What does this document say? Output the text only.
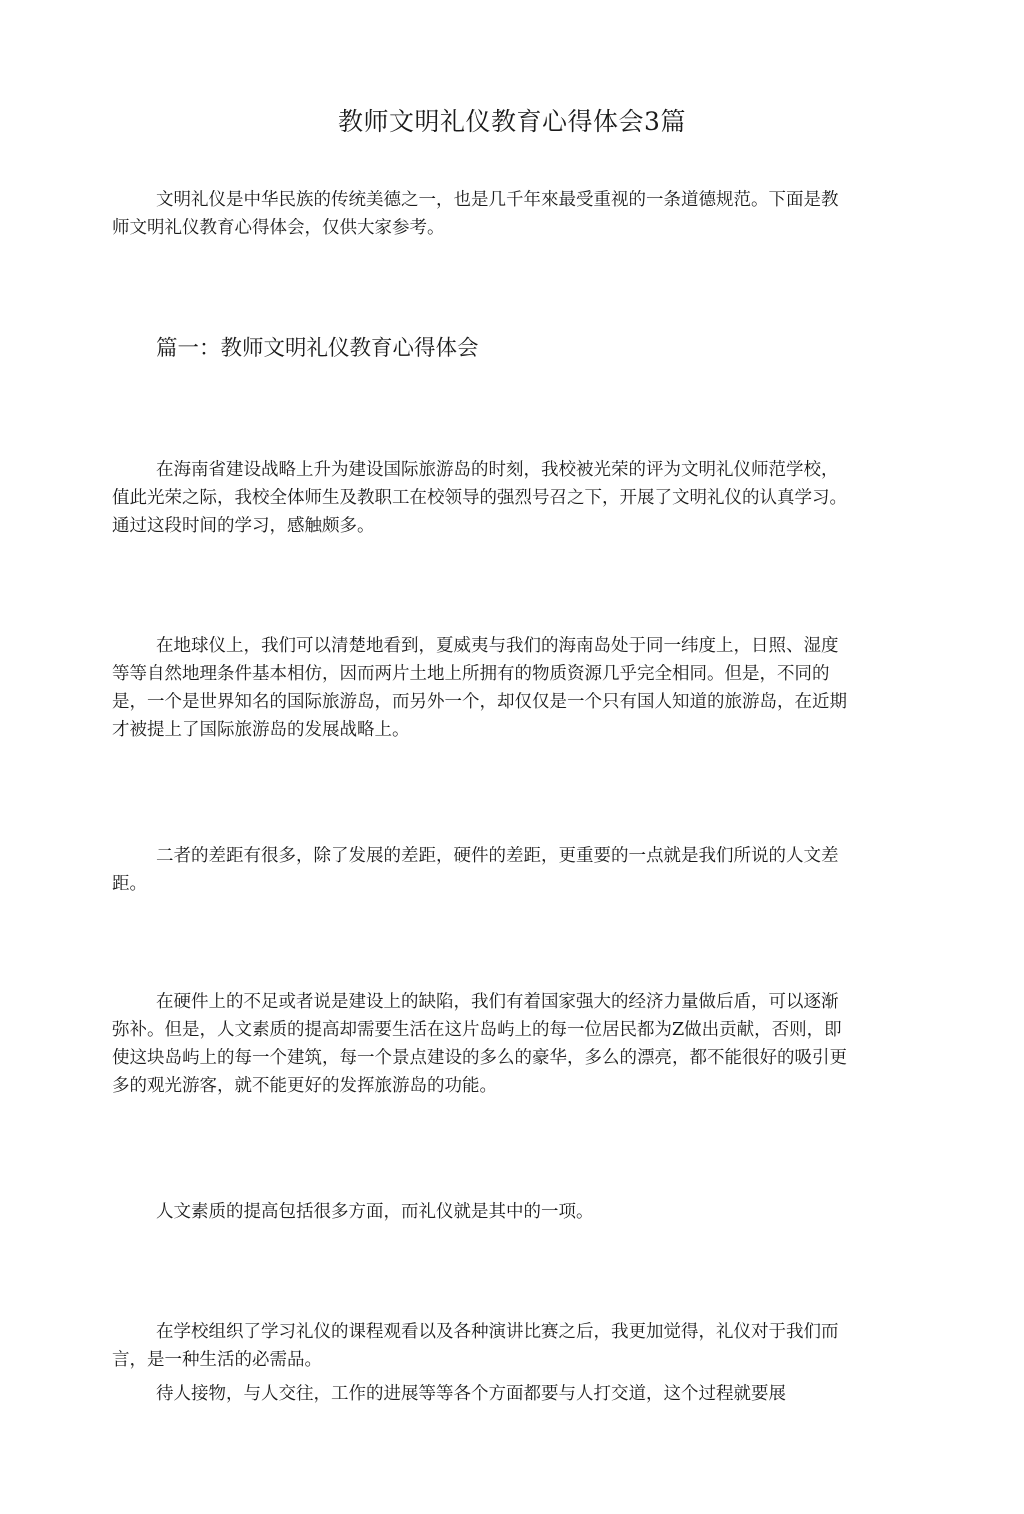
教师文明礼仪教育心得体会3篇
文明礼仪是中华民族的传统美德之一，也是几千年來最受重视的一条道德规范。下面是教师文明礼仪教育心得体会，仅供大家参考。
篇一：教师文明礼仪教育心得体会
在海南省建设战略上升为建设国际旅游岛的时刻，我校被光荣的评为文明礼仪师范学校，值此光荣之际，我校全体师生及教职工在校领导的强烈号召之下，开展了文明礼仪的认真学习。通过这段时间的学习，感触颇多。
在地球仪上，我们可以清楚地看到，夏威夷与我们的海南岛处于同一纬度上，日照、湿度等等自然地理条件基本相仿，因而两片土地上所拥有的物质资源几乎完全相同。但是，不同的是，一个是世界知名的国际旅游岛，而另外一个，却仅仅是一个只有国人知道的旅游岛，在近期才被提上了国际旅游岛的发展战略上。
二者的差距有很多，除了发展的差距，硬件的差距，更重要的一点就是我们所说的人文差距。
在硬件上的不足或者说是建设上的缺陷，我们有着国家强大的经济力量做后盾，可以逐渐弥补。但是，人文素质的提高却需要生活在这片岛屿上的每一位居民都为Z做出贡献，否则，即使这块岛屿上的每一个建筑，每一个景点建设的多么的豪华，多么的漂亮，都不能很好的吸引更多的观光游客，就不能更好的发挥旅游岛的功能。
人文素质的提高包括很多方面，而礼仪就是其中的一项。
在学校组织了学习礼仪的课程观看以及各种演讲比赛之后，我更加觉得，礼仪对于我们而言，是一种生活的必需品。
待人接物，与人交往，工作的进展等等各个方面都要与人打交道，这个过程就要展
